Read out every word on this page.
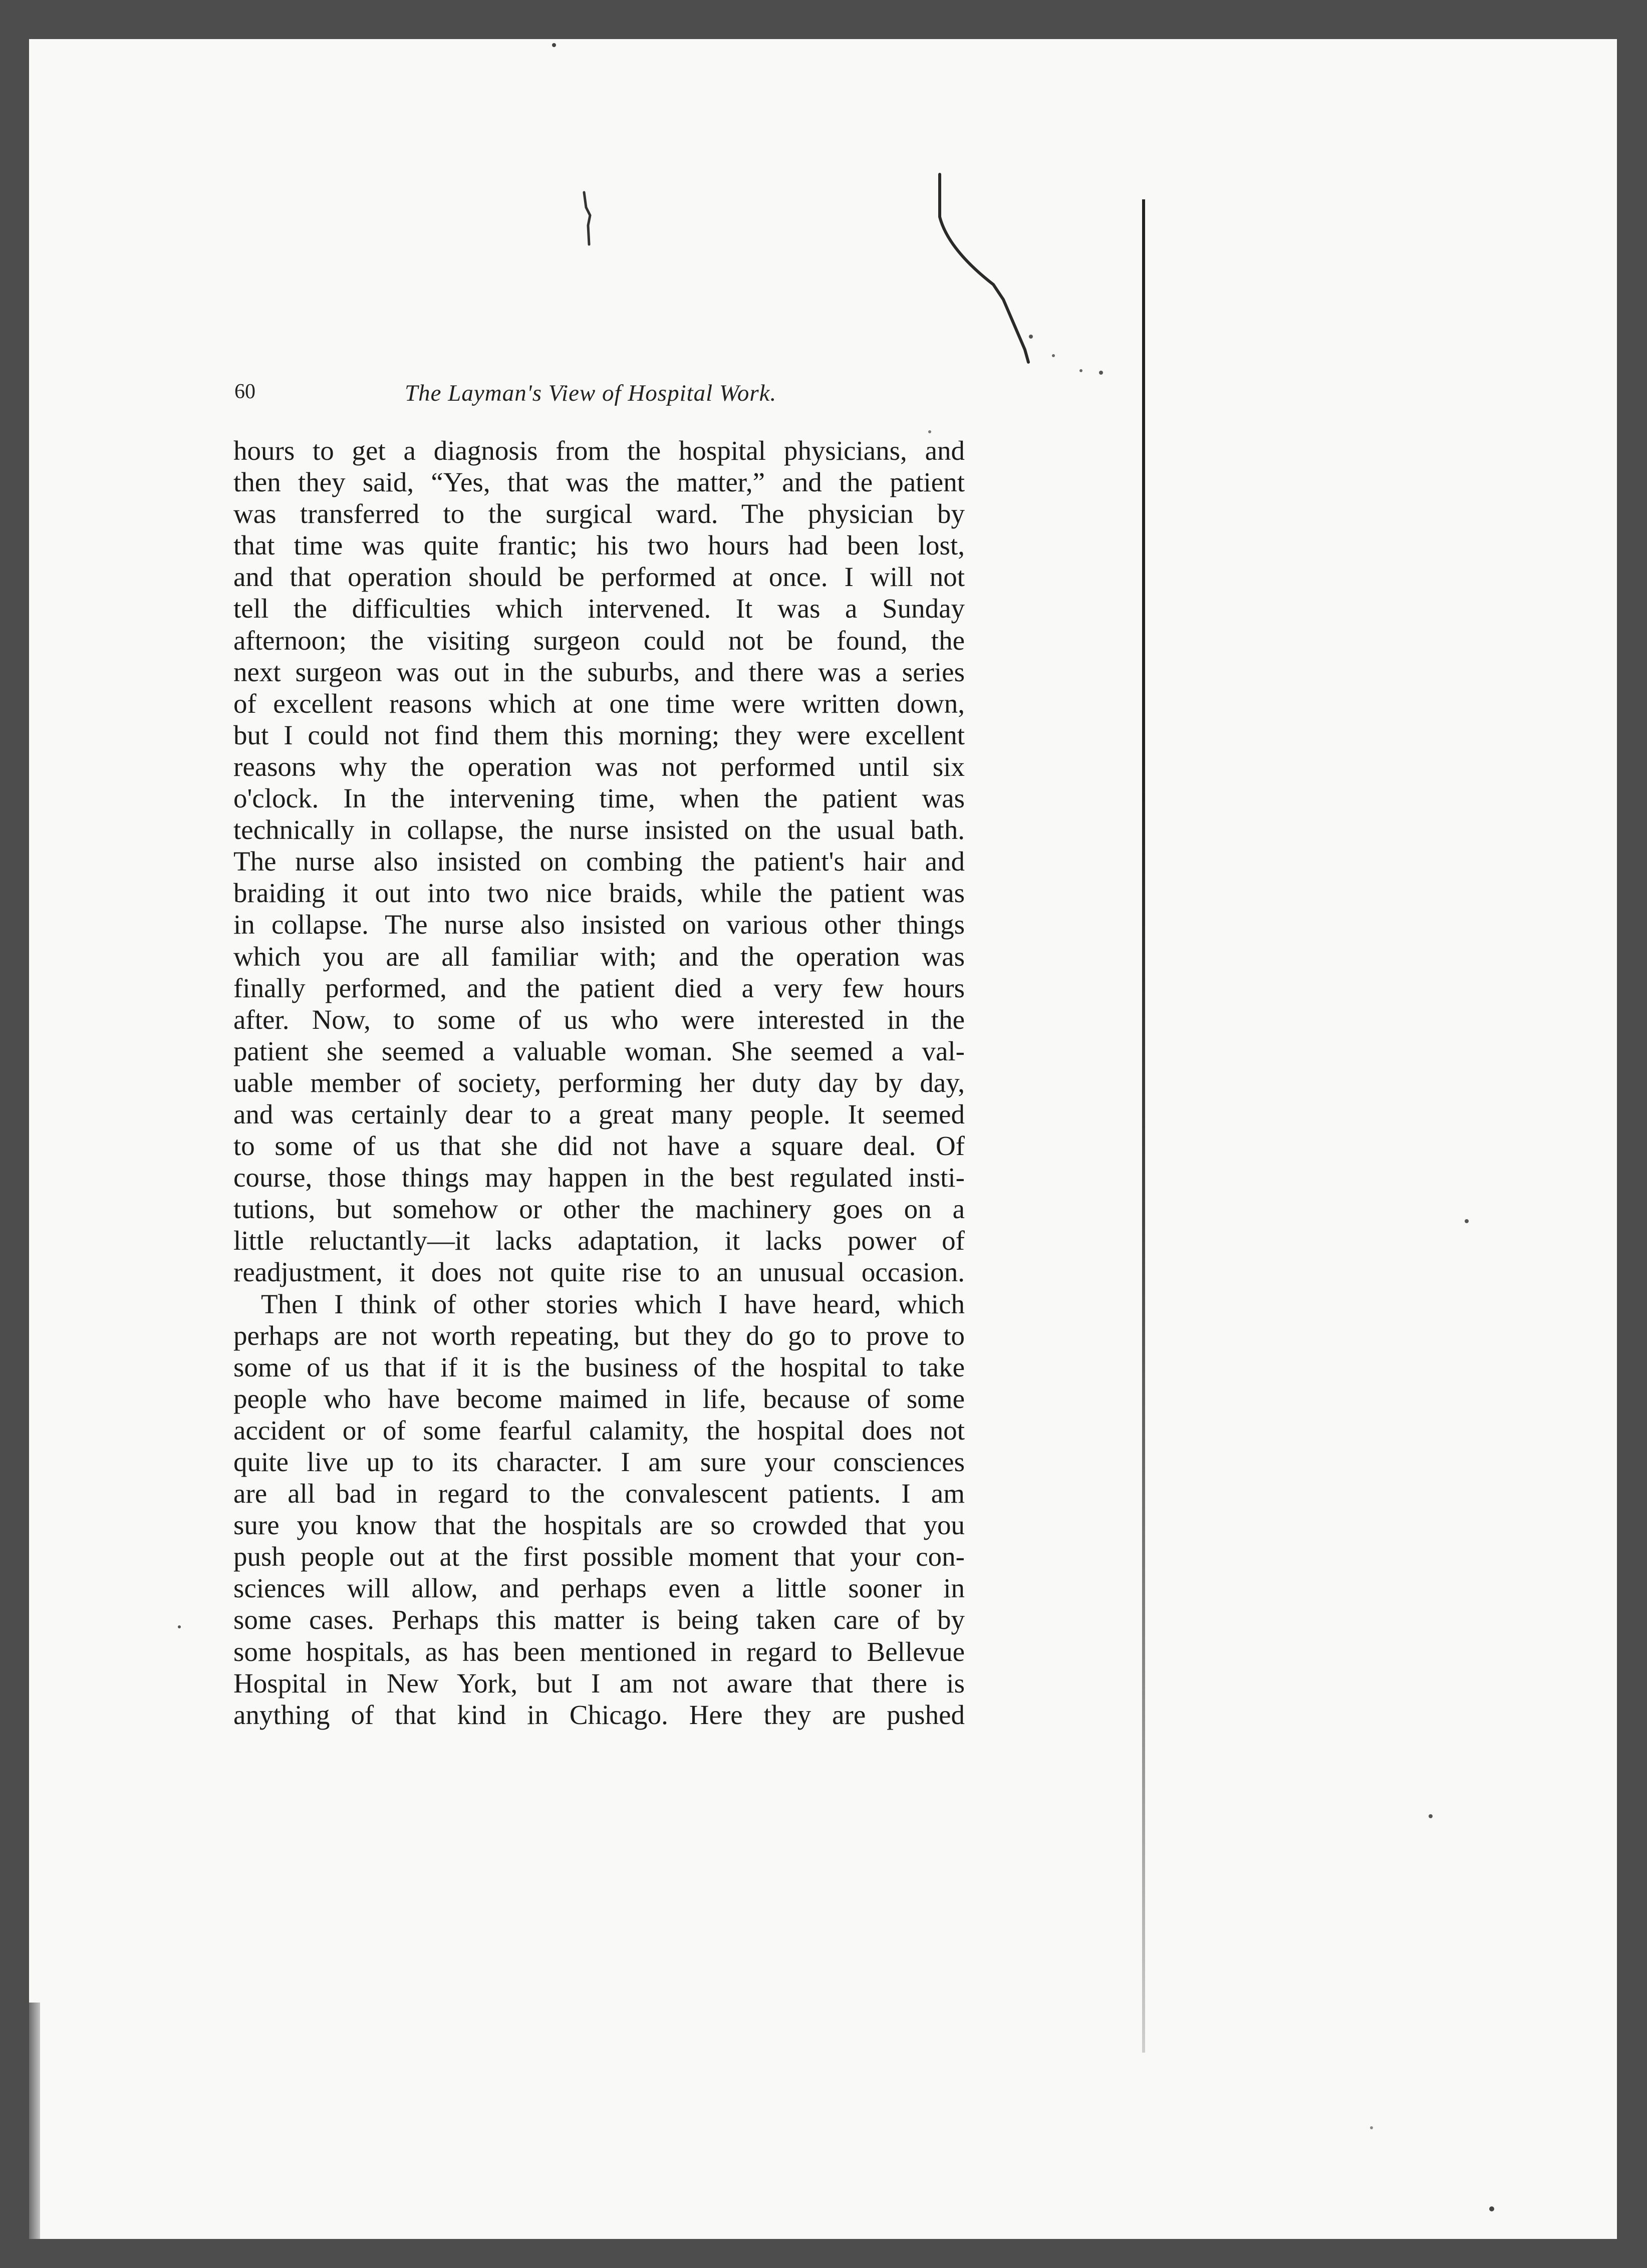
60	The Layman's View of Hospital Work.

hours to get a diagnosis from the hospital physicians, and
then they said, “Yes, that was the matter,” and the patient
was transferred to the surgical ward. The physician by
that time was quite frantic; his two hours had been lost,
and that operation should be performed at once. I will not
tell the difficulties which intervened. It was a Sunday
afternoon; the visiting surgeon could not be found, the
next surgeon was out in the suburbs, and there was a series
of excellent reasons which at one time were written down,
but I could not find them this morning; they were excellent
reasons why the operation was not performed until six
o'clock. In the intervening time, when the patient was
technically in collapse, the nurse insisted on the usual bath.
The nurse also insisted on combing the patient's hair and
braiding it out into two nice braids, while the patient was
in collapse. The nurse also insisted on various other things
which you are all familiar with; and the operation was
finally performed, and the patient died a very few hours
after. Now, to some of us who were interested in the
patient she seemed a valuable woman. She seemed a val-
uable member of society, performing her duty day by day,
and was certainly dear to a great many people. It seemed
to some of us that she did not have a square deal. Of
course, those things may happen in the best regulated insti-
tutions, but somehow or other the machinery goes on a
little reluctantly—it lacks adaptation, it lacks power of
readjustment, it does not quite rise to an unusual occasion.

Then I think of other stories which I have heard, which
perhaps are not worth repeating, but they do go to prove to
some of us that if it is the business of the hospital to take
people who have become maimed in life, because of some
accident or of some fearful calamity, the hospital does not
quite live up to its character. I am sure your consciences
are all bad in regard to the convalescent patients. I am
sure you know that the hospitals are so crowded that you
push people out at the first possible moment that your con-
sciences will allow, and perhaps even a little sooner in
some cases. Perhaps this matter is being taken care of by
some hospitals, as has been mentioned in regard to Bellevue
Hospital in New York, but I am not aware that there is
anything of that kind in Chicago. Here they are pushed
